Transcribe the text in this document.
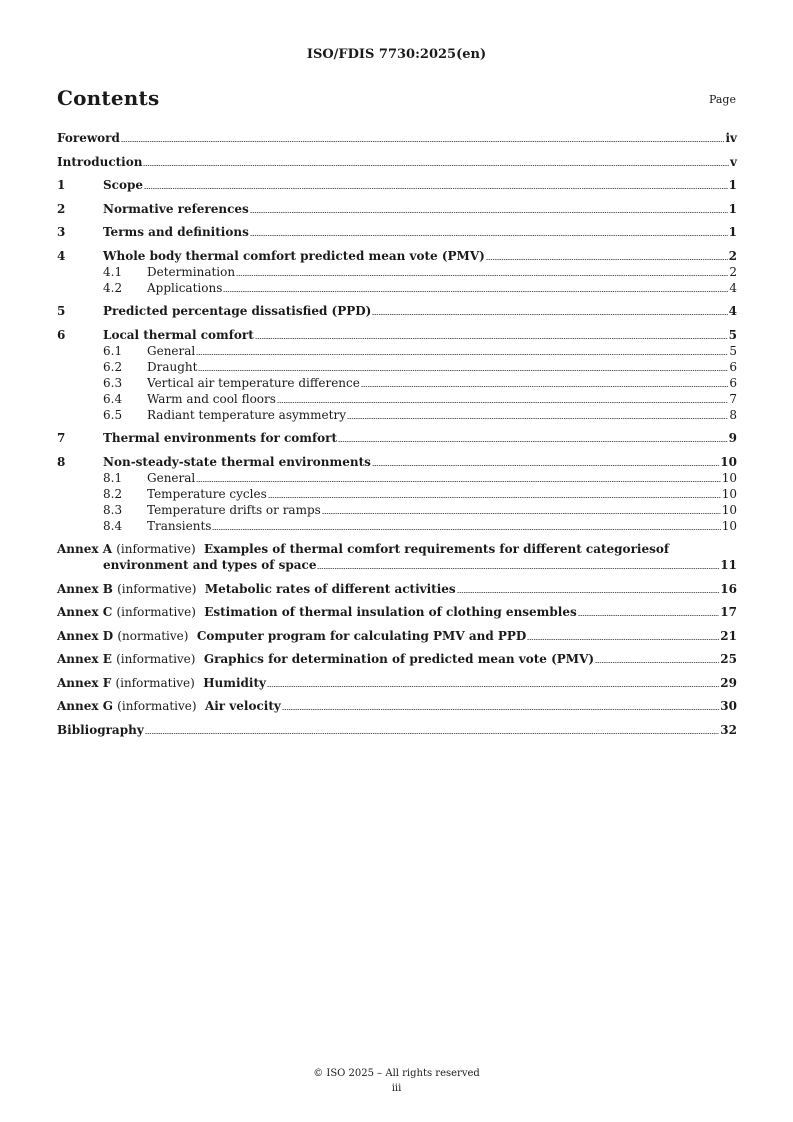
ISO/FDIS 7730:2025(en)
Contents	Page
Foreword	iv
Introduction	v
1	Scope	1
2	Normative references	1
3	Terms and definitions	1
4	Whole body thermal comfort predicted mean vote (PMV)	2
4.1	Determination	2
4.2	Applications	4
5	Predicted percentage dissatisfied (PPD)	4
6	Local thermal comfort	5
6.1	General	5
6.2	Draught	6
6.3	Vertical air temperature difference	6
6.4	Warm and cool floors	7
6.5	Radiant temperature asymmetry	8
7	Thermal environments for comfort	9
8	Non-steady-state thermal environments	10
8.1	General	10
8.2	Temperature cycles	10
8.3	Temperature drifts or ramps	10
8.4	Transients	10
Annex A (informative) Examples of thermal comfort requirements for different categoriesof
environment and types of space	11
Annex B (informative) Metabolic rates of different activities	16
Annex C (informative) Estimation of thermal insulation of clothing ensembles	17
Annex D (normative) Computer program for calculating PMV and PPD	21
Annex E (informative) Graphics for determination of predicted mean vote (PMV)	25
Annex F (informative) Humidity	29
Annex G (informative) Air velocity	30
Bibliography	32
© ISO 2025 – All rights reserved
iii
